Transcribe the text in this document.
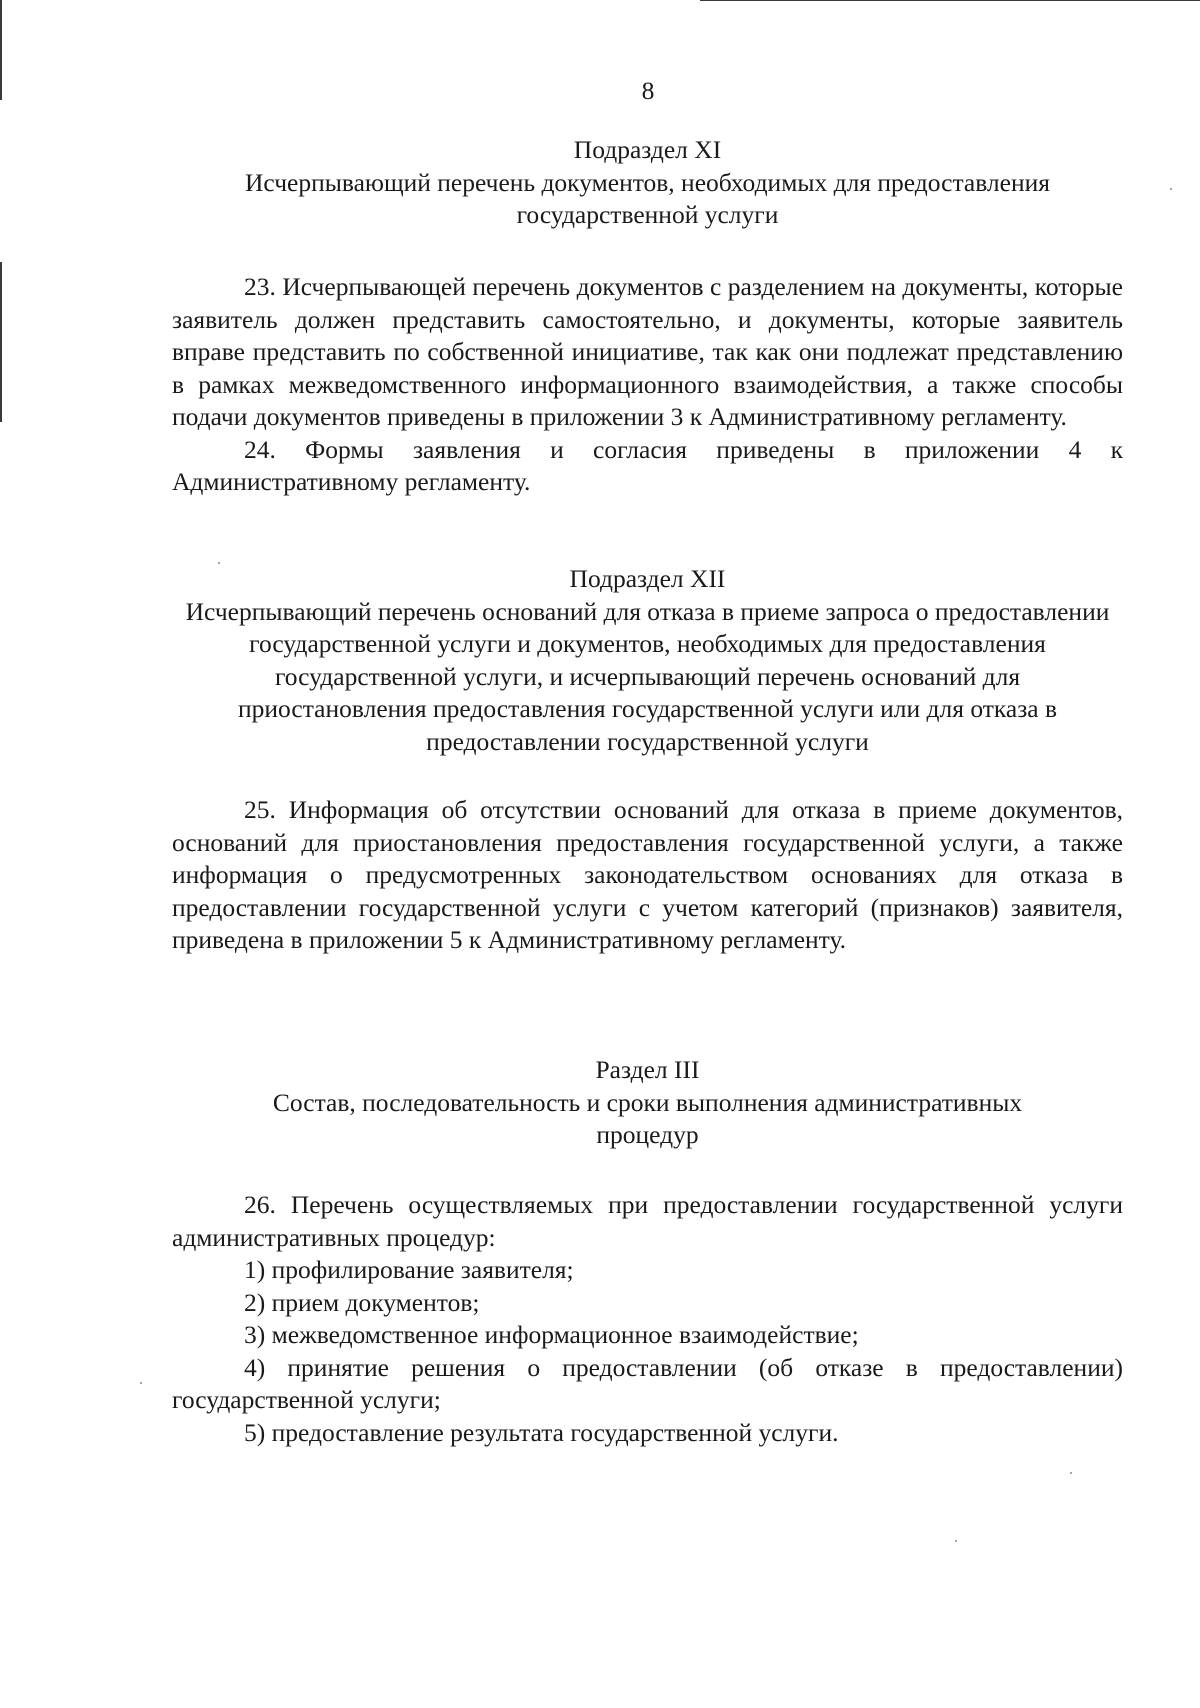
8
Подраздел XI
Исчерпывающий перечень документов, необходимых для предоставления государственной услуги

23. Исчерпывающей перечень документов с разделением на документы, которые заявитель должен представить самостоятельно, и документы, которые заявитель вправе представить по собственной инициативе, так как они подлежат представлению в рамках межведомственного информационного взаимодействия, а также способы подачи документов приведены в приложении 3 к Административному регламенту.

24. Формы заявления и согласия приведены в приложении 4 к Административному регламенту.

Подраздел XII
Исчерпывающий перечень оснований для отказа в приеме запроса о предоставлении государственной услуги и документов, необходимых для предоставления государственной услуги, и исчерпывающий перечень оснований для приостановления предоставления государственной услуги или для отказа в предоставлении государственной услуги

25. Информация об отсутствии оснований для отказа в приеме документов, оснований для приостановления предоставления государственной услуги, а также информация о предусмотренных законодательством основаниях для отказа в предоставлении государственной услуги с учетом категорий (признаков) заявителя, приведена в приложении 5 к Административному регламенту.

Раздел III
Состав, последовательность и сроки выполнения административных процедур

26. Перечень осуществляемых при предоставлении государственной услуги административных процедур:

1) профилирование заявителя;

2) прием документов;

3) межведомственное информационное взаимодействие;

4) принятие решения о предоставлении (об отказе в предоставлении) государственной услуги;

5) предоставление результата государственной услуги.
